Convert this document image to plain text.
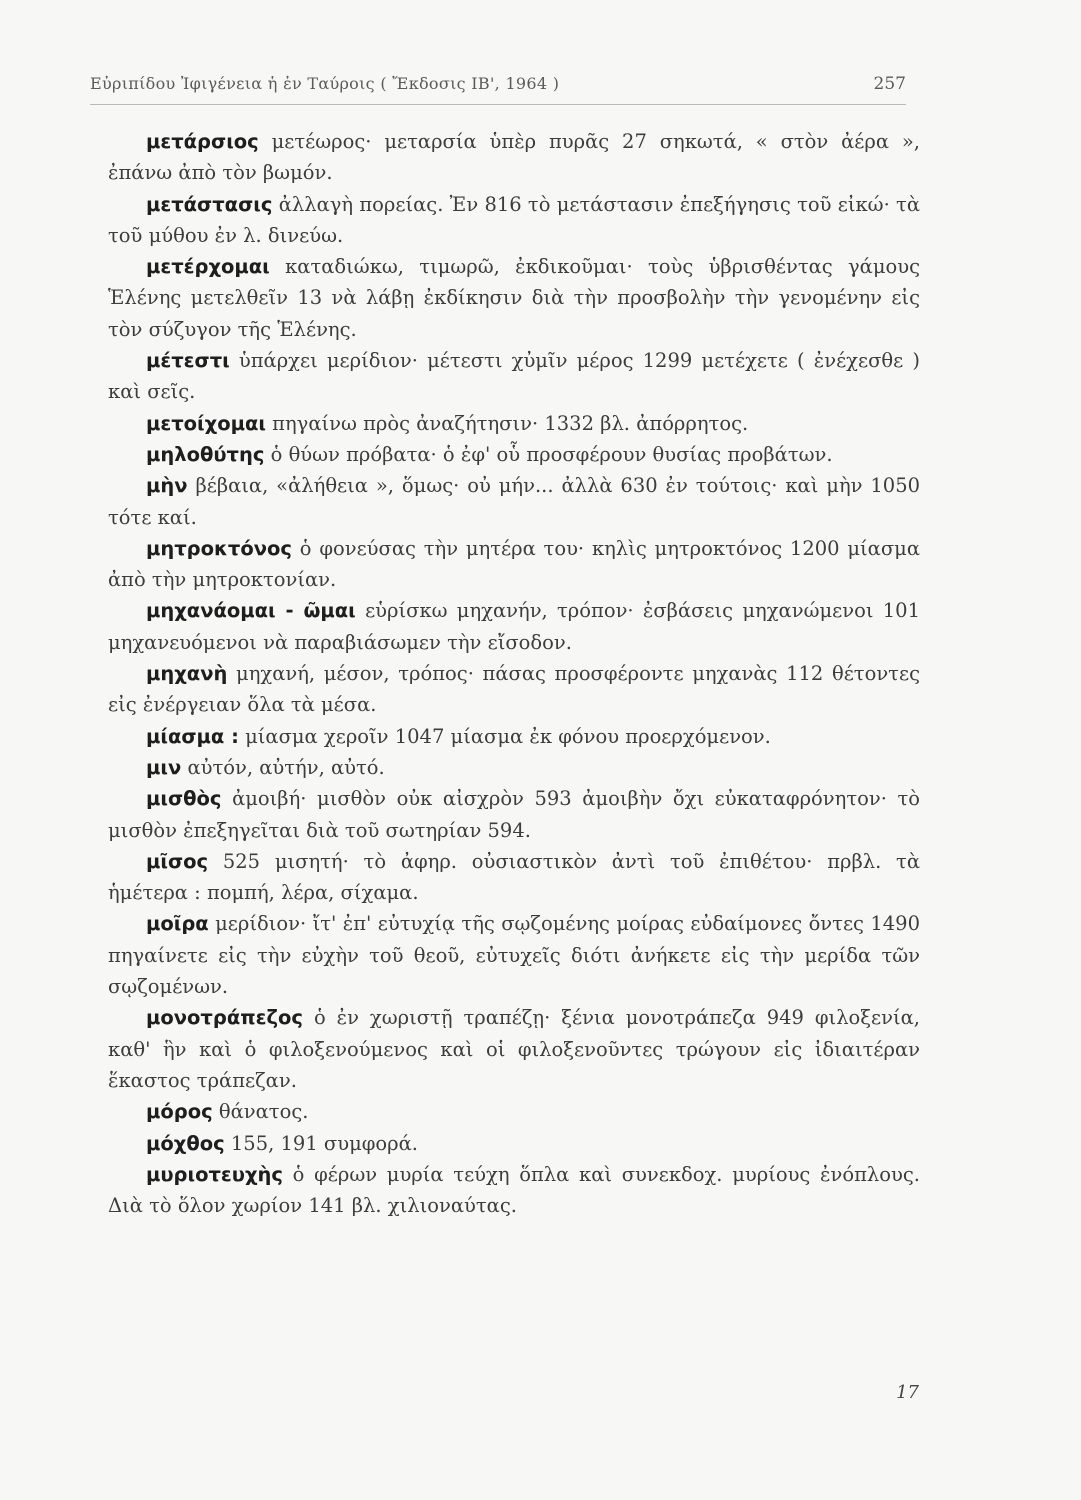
Εὐριπίδου Ἰφιγένεια ἡ ἐν Ταύροις ( Ἔκδοσις ΙΒ', 1964 )	257

μετάρσιος μετέωρος· μεταρσία ὑπὲρ πυρᾶς 27 σηκωτά, « στὸν ἀέρα », ἐπάνω ἀπὸ τὸν βωμόν.

μετάστασις ἀλλαγὴ πορείας. Ἐν 816 τὸ μετάστασιν ἐπεξήγησις τοῦ εἰκώ· τὰ τοῦ μύθου ἐν λ. δινεύω.

μετέρχομαι καταδιώκω, τιμωρῶ, ἐκδικοῦμαι· τοὺς ὑβρισθέντας γάμους Ἑλένης μετελθεῖν 13 νὰ λάβῃ ἐκδίκησιν διὰ τὴν προσβολὴν τὴν γενομένην εἰς τὸν σύζυγον τῆς Ἑλένης.

μέτεστι ὑπάρχει μερίδιον· μέτεστι χὐμῖν μέρος 1299 μετέχετε ( ἐνέχεσθε ) καὶ σεῖς.

μετοίχομαι πηγαίνω πρὸς ἀναζήτησιν· 1332 βλ. ἀπόρρητος.

μηλοθύτης ὁ θύων πρόβατα· ὁ ἐφ' οὗ προσφέρουν θυσίας προβάτων.

μὴν βέβαια, «ἀλήθεια », ὅμως· οὐ μήν... ἀλλὰ 630 ἐν τούτοις· καὶ μὴν 1050 τότε καί.

μητροκτόνος ὁ φονεύσας τὴν μητέρα του· κηλὶς μητροκτόνος 1200 μίασμα ἀπὸ τὴν μητροκτονίαν.

μηχανάομαι - ῶμαι εὑρίσκω μηχανήν, τρόπον· ἐσβάσεις μηχανώμενοι 101 μηχανευόμενοι νὰ παραβιάσωμεν τὴν εἴσοδον.

μηχανὴ μηχανή, μέσον, τρόπος· πάσας προσφέροντε μηχανὰς 112 θέτοντες εἰς ἐνέργειαν ὅλα τὰ μέσα.

μίασμα : μίασμα χεροῖν 1047 μίασμα ἐκ φόνου προερχόμενον.

μιν αὐτόν, αὐτήν, αὐτό.

μισθὸς ἀμοιβή· μισθὸν οὐκ αἰσχρὸν 593 ἀμοιβὴν ὄχι εὐκαταφρόνητον· τὸ μισθὸν ἐπεξηγεῖται διὰ τοῦ σωτηρίαν 594.

μῖσος 525 μισητή· τὸ ἀφηρ. οὐσιαστικὸν ἀντὶ τοῦ ἐπιθέτου· πρβλ. τὰ ἡμέτερα : πομπή, λέρα, σίχαμα.

μοῖρα μερίδιον· ἴτ' ἐπ' εὐτυχίᾳ τῆς σῳζομένης μοίρας εὐδαίμονες ὄντες 1490 πηγαίνετε εἰς τὴν εὐχὴν τοῦ θεοῦ, εὐτυχεῖς διότι ἀνήκετε εἰς τὴν μερίδα τῶν σῳζομένων.

μονοτράπεζος ὁ ἐν χωριστῇ τραπέζῃ· ξένια μονοτράπεζα 949 φιλοξενία, καθ' ἣν καὶ ὁ φιλοξενούμενος καὶ οἱ φιλοξενοῦντες τρώγουν εἰς ἰδιαιτέραν ἕκαστος τράπεζαν.

μόρος θάνατος.

μόχθος 155, 191 συμφορά.

μυριοτευχὴς ὁ φέρων μυρία τεύχη ὅπλα καὶ συνεκδοχ. μυρίους ἐνόπλους. Διὰ τὸ ὅλον χωρίον 141 βλ. χιλιοναύτας.

17
